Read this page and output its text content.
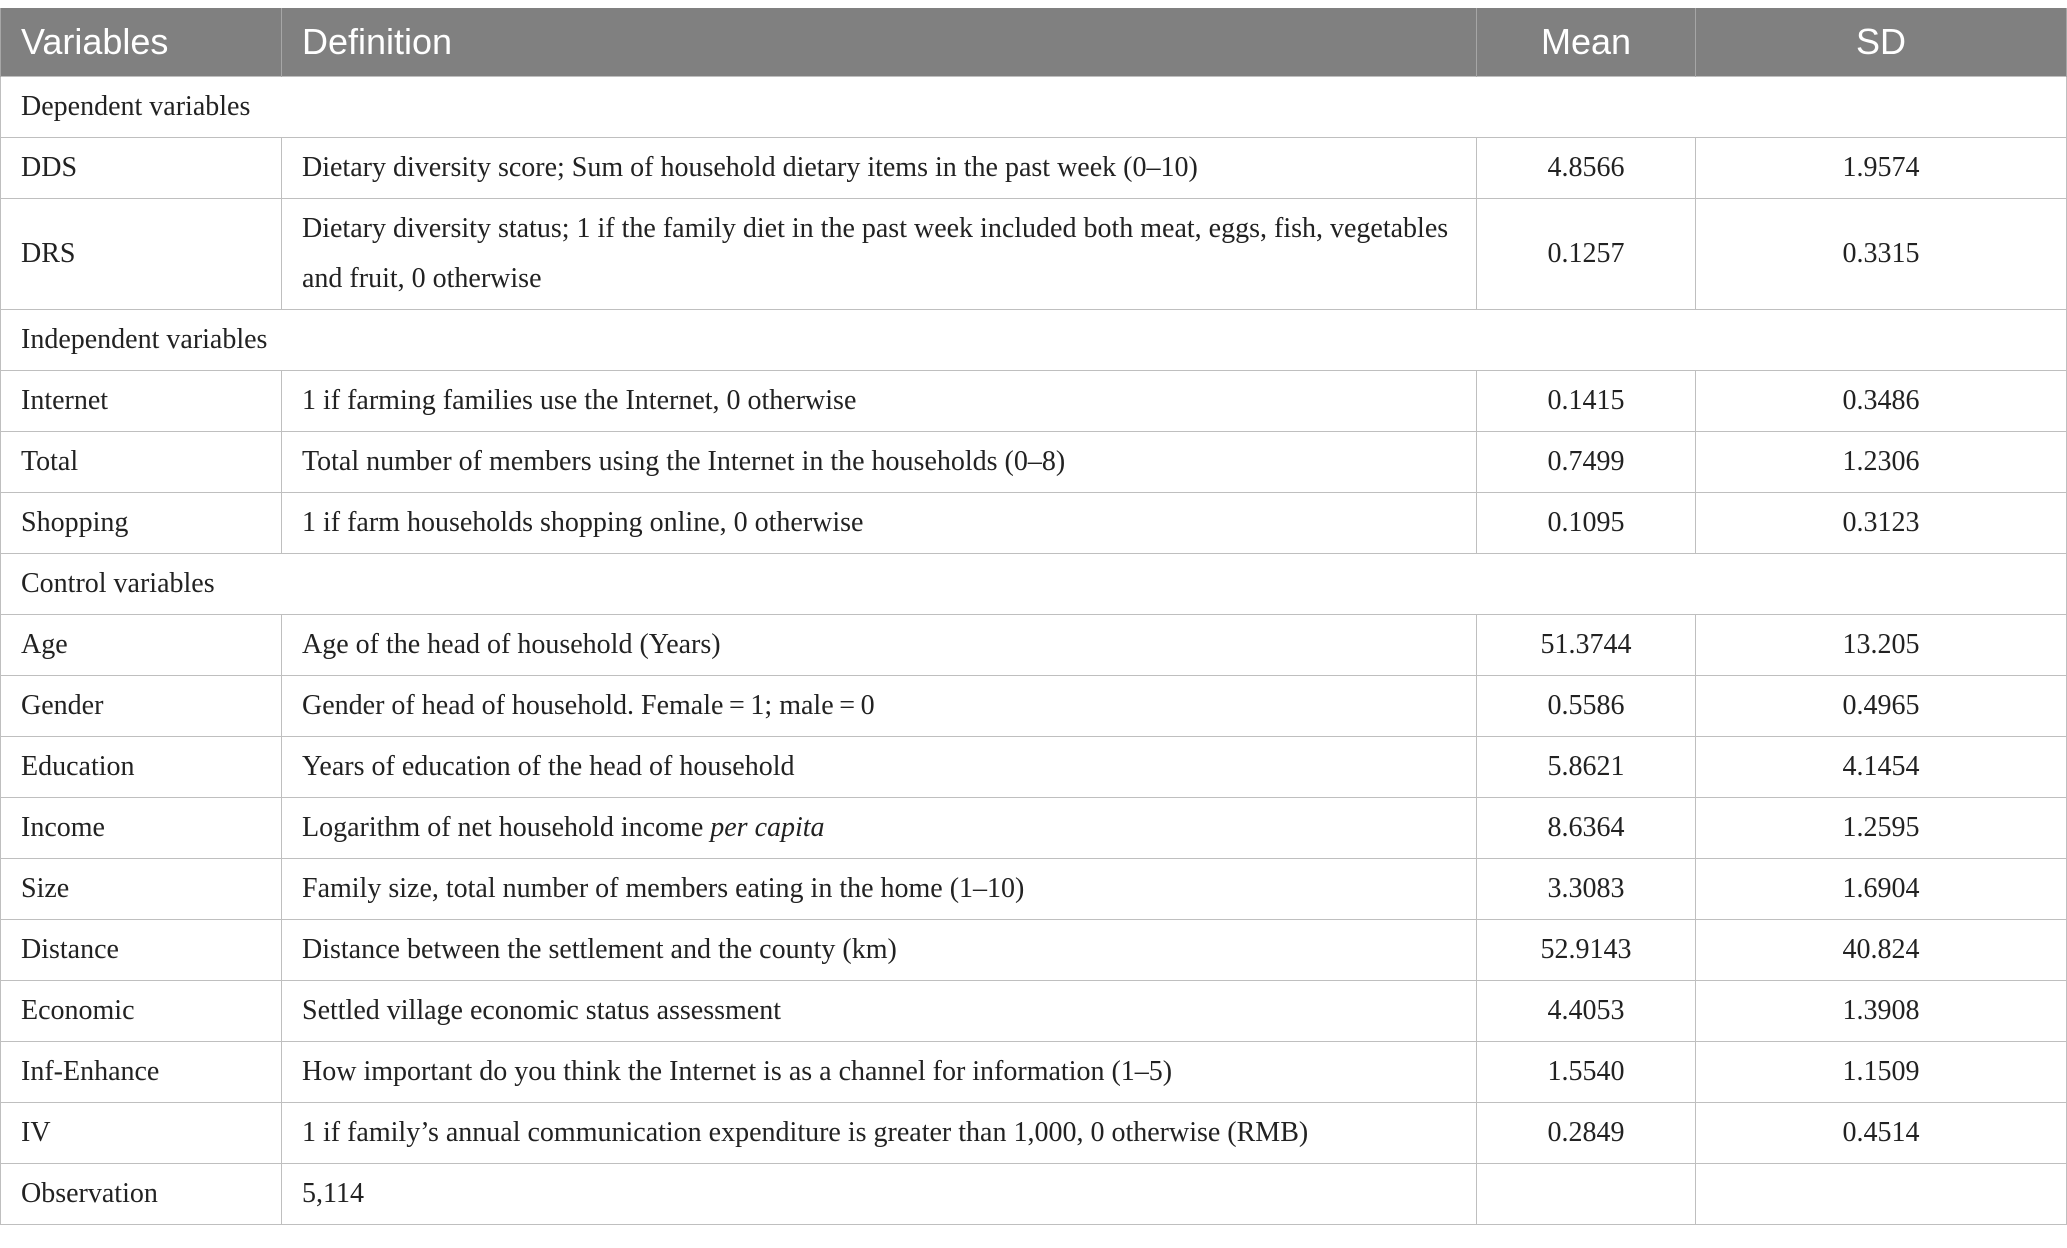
Variables	Definition	Mean	SD
Dependent variables			
DDS	Dietary diversity score; Sum of household dietary items in the past week (0–10)	4.8566	1.9574
DRS	Dietary diversity status; 1 if the family diet in the past week included both meat, eggs, fish, vegetables and fruit, 0 otherwise	0.1257	0.3315
Independent variables			
Internet	1 if farming families use the Internet, 0 otherwise	0.1415	0.3486
Total	Total number of members using the Internet in the households (0–8)	0.7499	1.2306
Shopping	1 if farm households shopping online, 0 otherwise	0.1095	0.3123
Control variables			
Age	Age of the head of household (Years)	51.3744	13.205
Gender	Gender of head of household. Female = 1; male = 0	0.5586	0.4965
Education	Years of education of the head of household	5.8621	4.1454
Income	Logarithm of net household income per capita	8.6364	1.2595
Size	Family size, total number of members eating in the home (1–10)	3.3083	1.6904
Distance	Distance between the settlement and the county (km)	52.9143	40.824
Economic	Settled village economic status assessment	4.4053	1.3908
Inf-Enhance	How important do you think the Internet is as a channel for information (1–5)	1.5540	1.1509
IV	1 if family’s annual communication expenditure is greater than 1,000, 0 otherwise (RMB)	0.2849	0.4514
Observation	5,114		
